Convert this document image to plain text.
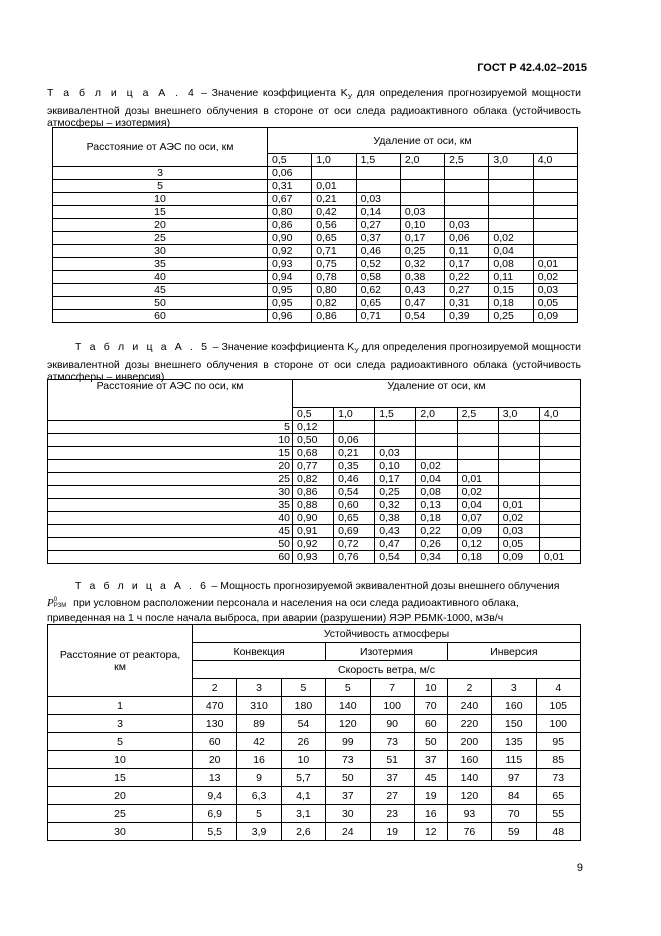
ГОСТ Р 42.4.02–2015
Т а б л и ц а А . 4 – Значение коэффициента $K_У$ для определения прогнозируемой мощности эквивалентной дозы внешнего облучения в стороне от оси следа радиоактивного облака (устойчивость атмосферы – изотермия)
Расстояние от АЭС по оси, км	Удаление от оси, км						
	0,5	1,0	1,5	2,0	2,5	3,0	4,0
3	0,06						
5	0,31	0,01					
10	0,67	0,21	0,03				
15	0,80	0,42	0,14	0,03			
20	0,86	0,56	0,27	0,10	0,03		
25	0,90	0,65	0,37	0,17	0,06	0,02	
30	0,92	0,71	0,46	0,25	0,11	0,04	
35	0,93	0,75	0,52	0,32	0,17	0,08	0,01
40	0,94	0,78	0,58	0,38	0,22	0,11	0,02
45	0,95	0,80	0,62	0,43	0,27	0,15	0,03
50	0,95	0,82	0,65	0,47	0,31	0,18	0,05
60	0,96	0,86	0,71	0,54	0,39	0,25	0,09
Т а б л и ц а А . 5 – Значение коэффициента $K_У$ для определения прогнозируемой мощности эквивалентной дозы внешнего облучения в стороне от оси следа радиоактивного облака (устойчивость атмосферы – инверсия)
Расстояние от АЭС по оси, км	Удаление от оси, км						
	0,5	1,0	1,5	2,0	2,5	3,0	4,0
5	0,12						
10	0,50	0,06					
15	0,68	0,21	0,03				
20	0,77	0,35	0,10	0,02			
25	0,82	0,46	0,17	0,04	0,01		
30	0,86	0,54	0,25	0,08	0,02		
35	0,88	0,60	0,32	0,13	0,04	0,01	
40	0,90	0,65	0,38	0,18	0,07	0,02	
45	0,91	0,69	0,43	0,22	0,09	0,03	
50	0,92	0,72	0,47	0,26	0,12	0,05	
60	0,93	0,76	0,54	0,34	0,18	0,09	0,01
Т а б л и ц а А . 6 – Мощность прогнозируемой эквивалентной дозы внешнего облучения
P 0
РЗМ при условном расположении персонала и населения на оси следа радиоактивного облака,
приведенная на 1 ч после начала выброса, при аварии (разрушении) ЯЭР РБМК-1000, мЗв/ч
Расстояние от реактора, км	Устойчивость атмосферы								
	Конвекция			Изотермия			Инверсия		
	Скорость ветра, м/с								
	2	3	5	5	7	10	2	3	4
1	470	310	180	140	100	70	240	160	105
3	130	89	54	120	90	60	220	150	100
5	60	42	26	99	73	50	200	135	95
10	20	16	10	73	51	37	160	115	85
15	13	9	5,7	50	37	45	140	97	73
20	9,4	6,3	4,1	37	27	19	120	84	65
25	6,9	5	3,1	30	23	16	93	70	55
30	5,5	3,9	2,6	24	19	12	76	59	48
9
